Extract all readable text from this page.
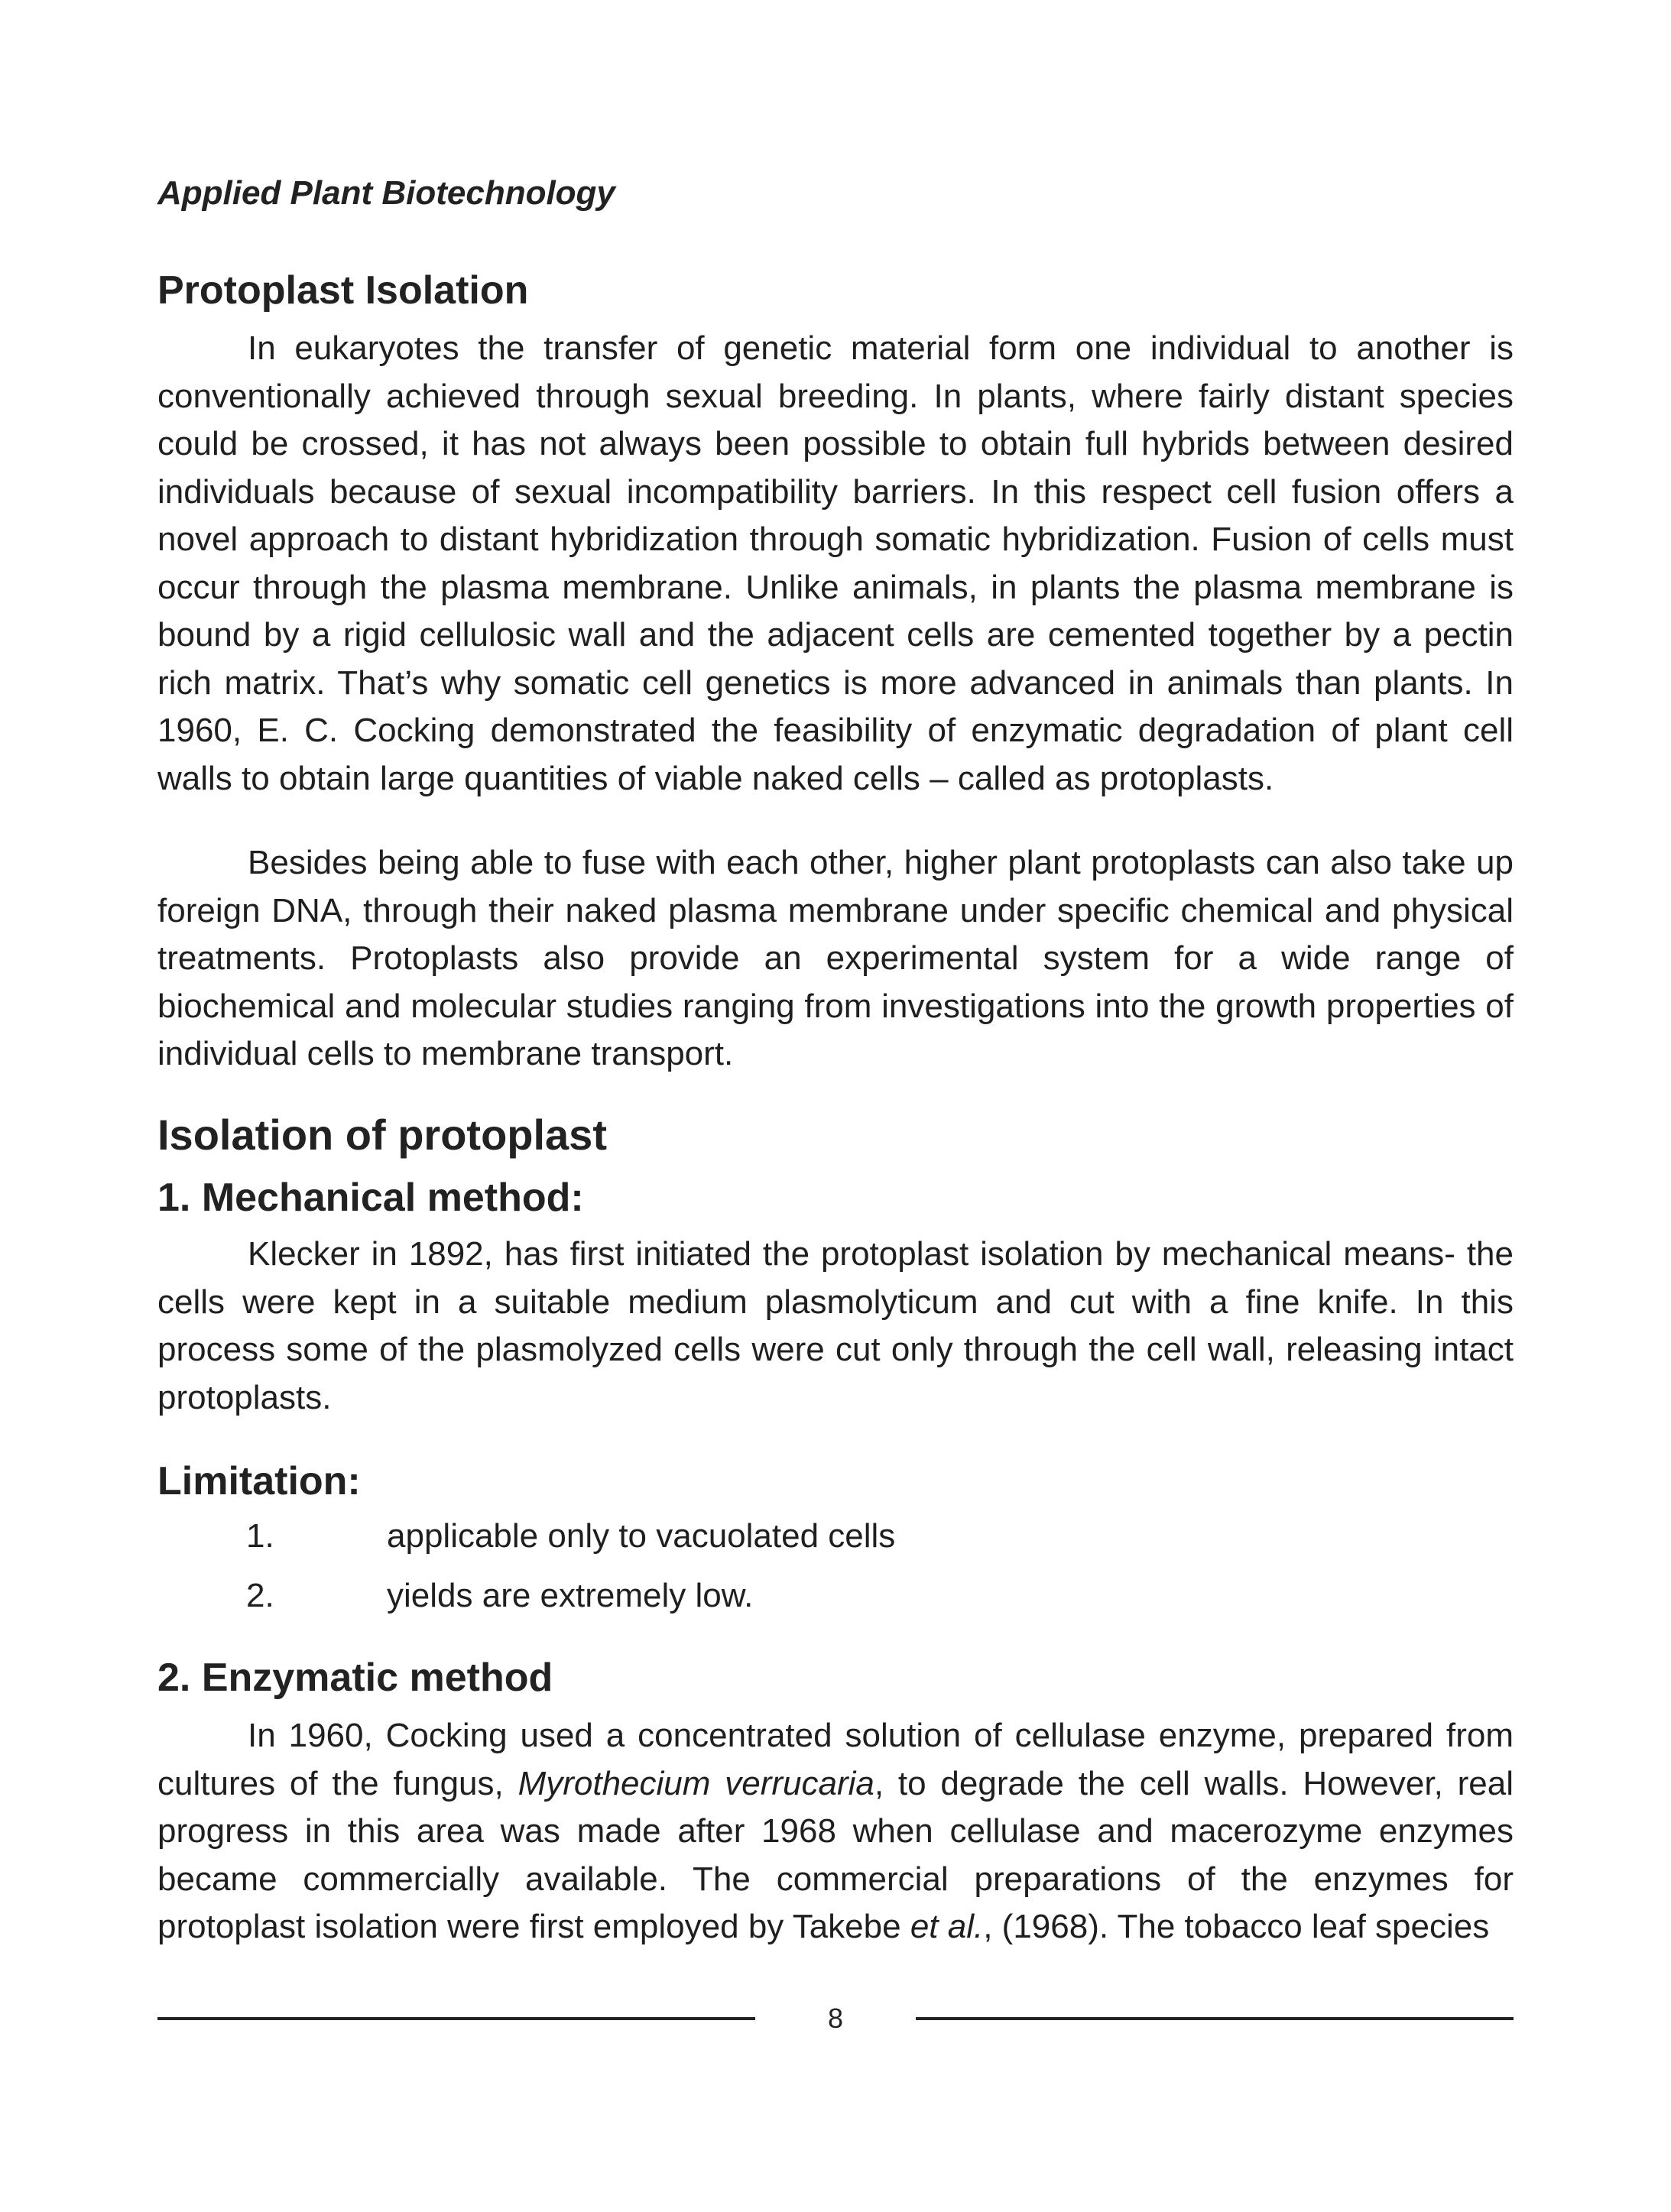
Applied Plant Biotechnology
Protoplast Isolation
In eukaryotes the transfer of genetic material form one individual to another is conventionally achieved through sexual breeding. In plants, where fairly distant species could be crossed, it has not always been possible to obtain full hybrids between desired individuals because of sexual incompatibility barriers. In this respect cell fusion offers a novel approach to distant hybridization through somatic hybridization. Fusion of cells must occur through the plasma membrane. Unlike animals, in plants the plasma membrane is bound by a rigid cellulosic wall and the adjacent cells are cemented together by a pectin rich matrix. That’s why somatic cell genetics is more advanced in animals than plants. In 1960, E. C. Cocking demonstrated the feasibility of enzymatic degradation of plant cell walls to obtain large quantities of viable naked cells – called as protoplasts.
Besides being able to fuse with each other, higher plant protoplasts can also take up foreign DNA, through their naked plasma membrane under specific chemical and physical treatments. Protoplasts also provide an experimental system for a wide range of biochemical and molecular studies ranging from investigations into the growth properties of individual cells to membrane transport.
Isolation of protoplast
1. Mechanical method:
Klecker in 1892, has first initiated the protoplast isolation by mechanical means- the cells were kept in a suitable medium plasmolyticum and cut with a fine knife. In this process some of the plasmolyzed cells were cut only through the cell wall, releasing intact protoplasts.
Limitation:
1.	applicable only to vacuolated cells
2.	yields are extremely low.
2. Enzymatic method
In 1960, Cocking used a concentrated solution of cellulase enzyme, prepared from cultures of the fungus, Myrothecium verrucaria, to degrade the cell walls. However, real progress in this area was made after 1968 when cellulase and macerozyme enzymes became commercially available. The commercial preparations of the enzymes for protoplast isolation were first employed by Takebe et al., (1968). The tobacco leaf species
8
